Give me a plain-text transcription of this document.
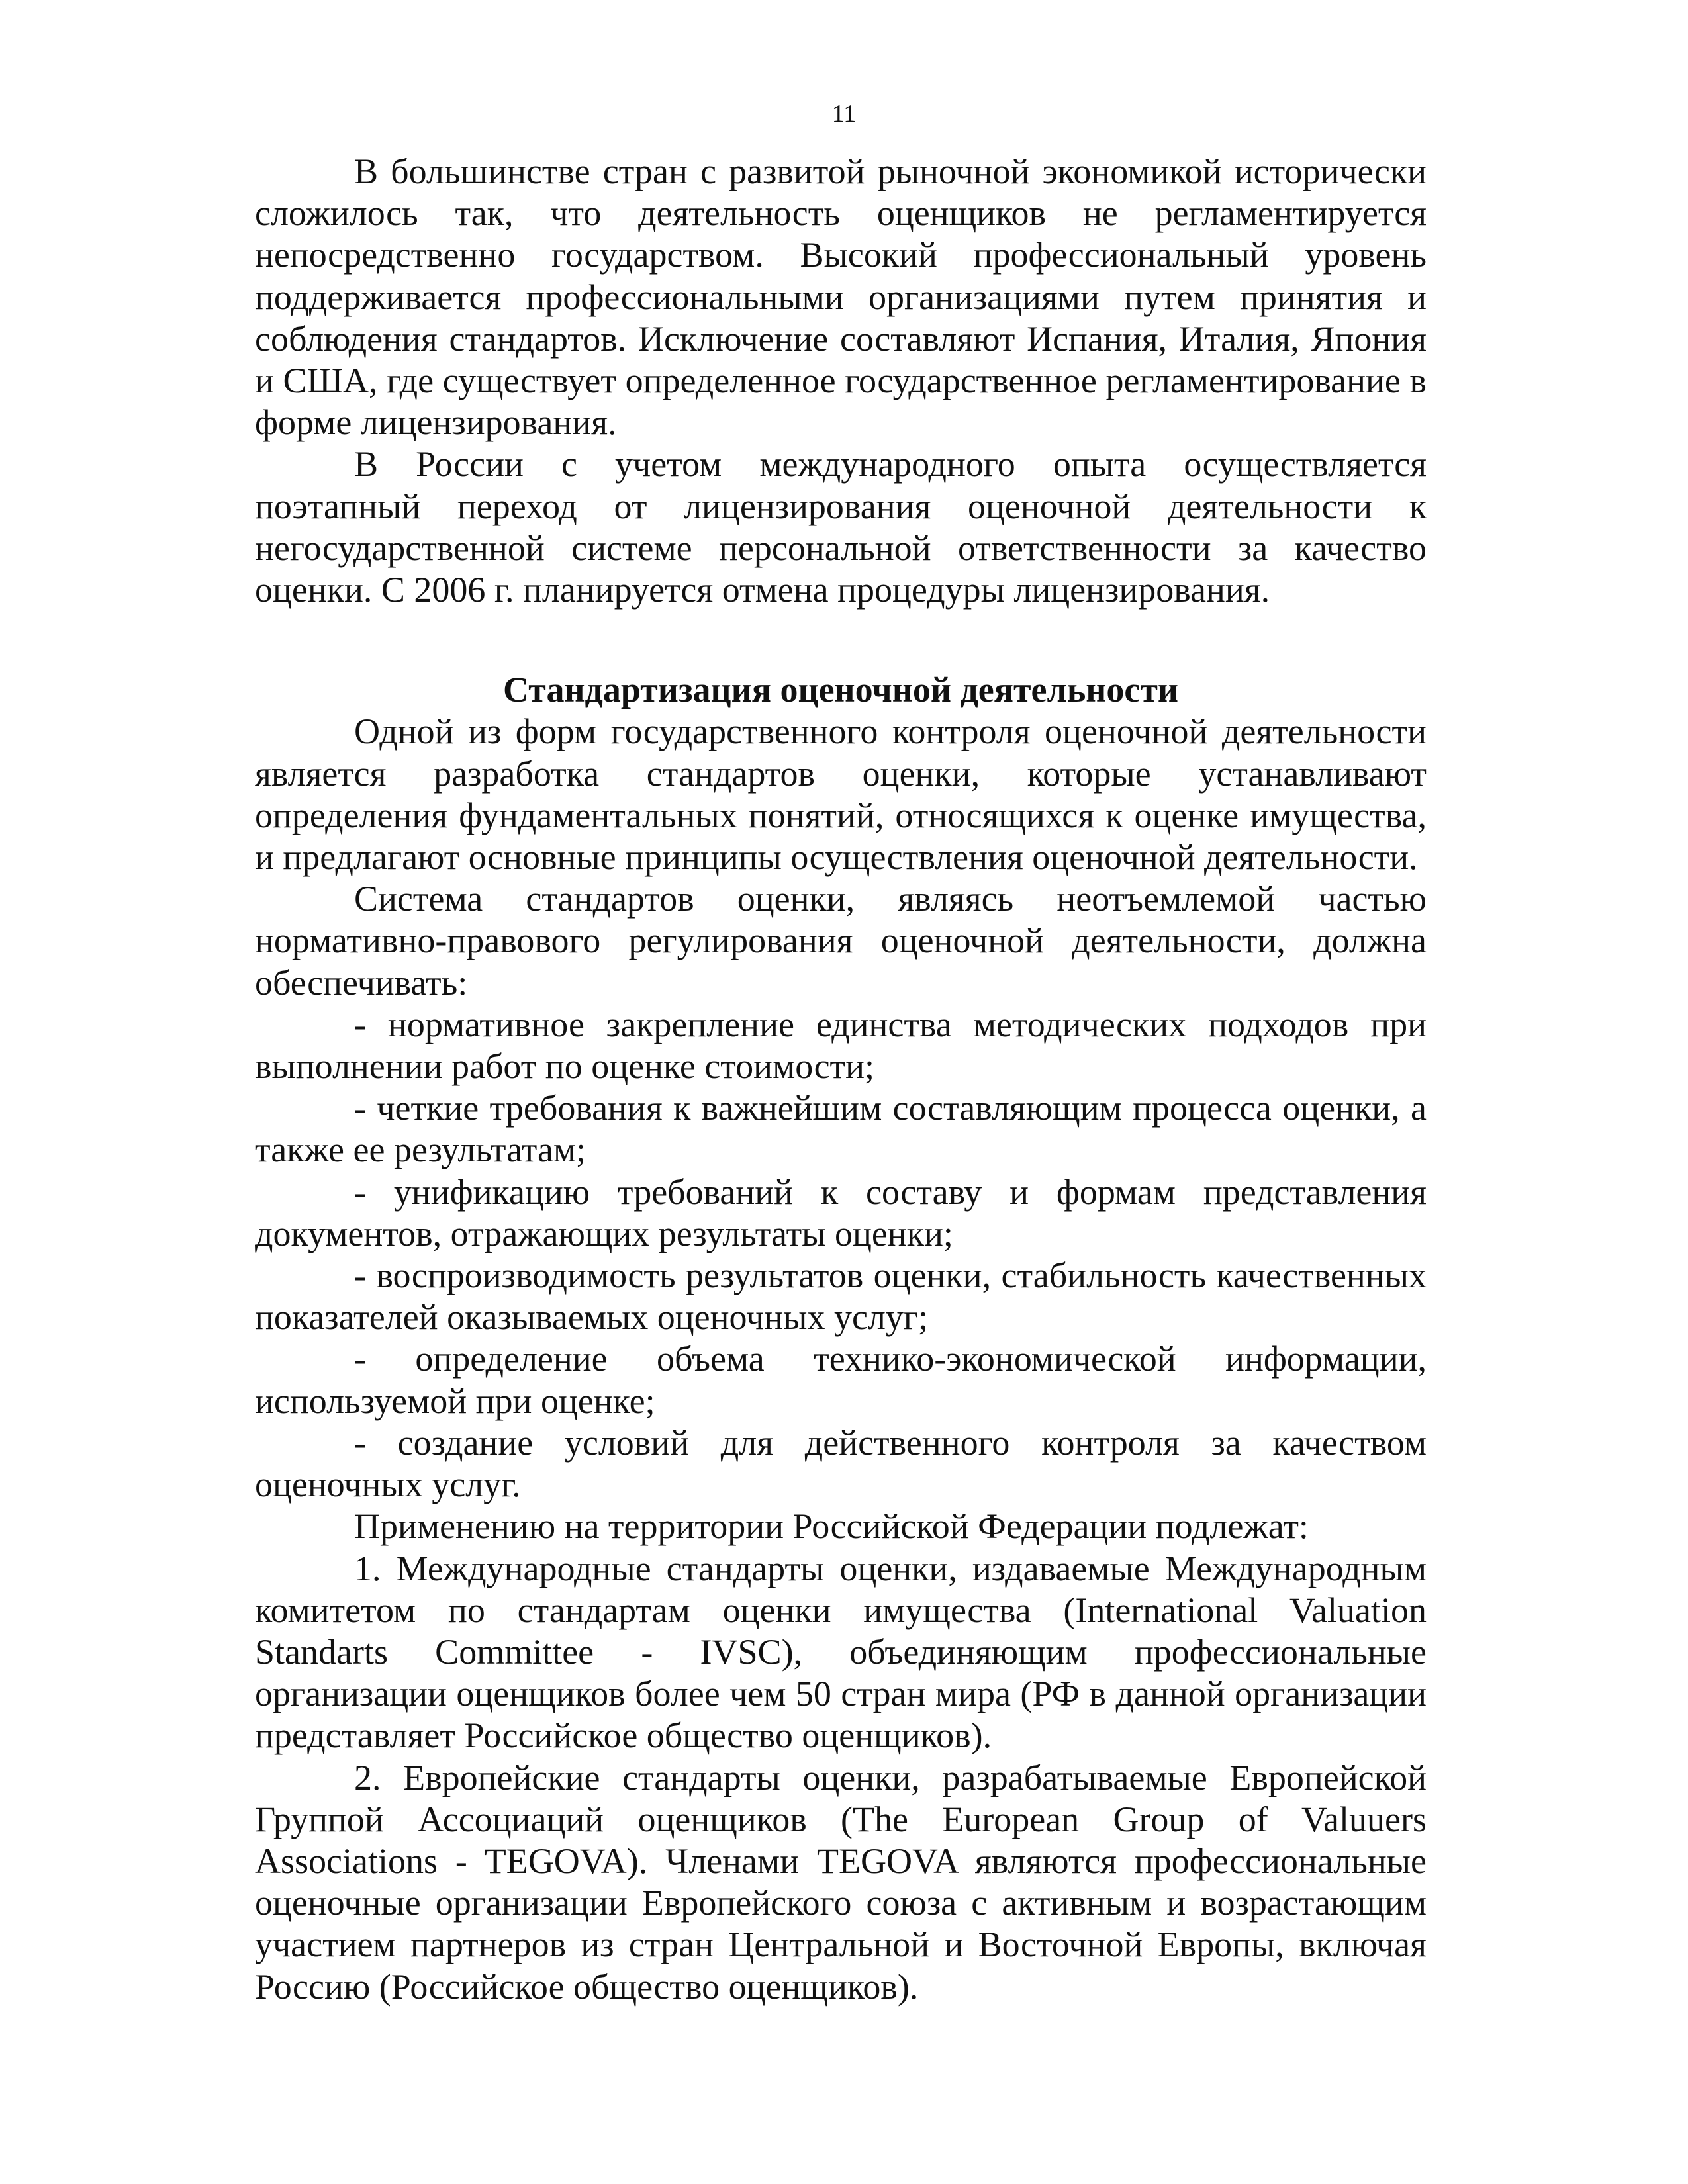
11

В большинстве стран с развитой рыночной экономикой исторически сложилось так, что деятельность оценщиков не регламентируется непосредственно государством. Высокий профессиональный уровень поддерживается профессиональными организациями путем принятия и соблюдения стандартов. Исключение составляют Испания, Италия, Япония и США, где существует определенное государственное регламентирование в форме лицензирования.

В России с учетом международного опыта осуществляется поэтапный переход от лицензирования оценочной деятельности к негосударственной системе персональной ответственности за качество оценки. С 2006 г. планируется отмена процедуры лицензирования.

Стандартизация оценочной деятельности

Одной из форм государственного контроля оценочной деятельности является разработка стандартов оценки, которые устанавливают определения фундаментальных понятий, относящихся к оценке имущества, и предлагают основные принципы осуществления оценочной деятельности.

Система стандартов оценки, являясь неотъемлемой частью нормативно-правового регулирования оценочной деятельности, должна обеспечивать:

- нормативное закрепление единства методических подходов при выполнении работ по оценке стоимости;

- четкие требования к важнейшим составляющим процесса оценки, а также ее результатам;

- унификацию требований к составу и формам представления документов, отражающих результаты оценки;

- воспроизводимость результатов оценки, стабильность качественных показателей оказываемых оценочных услуг;

- определение объема технико-экономической информации, используемой при оценке;

- создание условий для действенного контроля за качеством оценочных услуг.

Применению на территории Российской Федерации подлежат:

1. Международные стандарты оценки, издаваемые Международным комитетом по стандартам оценки имущества (International Valuation Standarts Committee - IVSC), объединяющим профессиональные организации оценщиков более чем 50 стран мира (РФ в данной организации представляет Российское общество оценщиков).

2. Европейские стандарты оценки, разрабатываемые Европейской Группой Ассоциаций оценщиков (The European Group of Valuuers Associations - TEGOVA). Членами TEGOVA являются профессиональные оценочные организации Европейского союза с активным и возрастающим участием партнеров из стран Центральной и Восточной Европы, включая Россию (Российское общество оценщиков).
